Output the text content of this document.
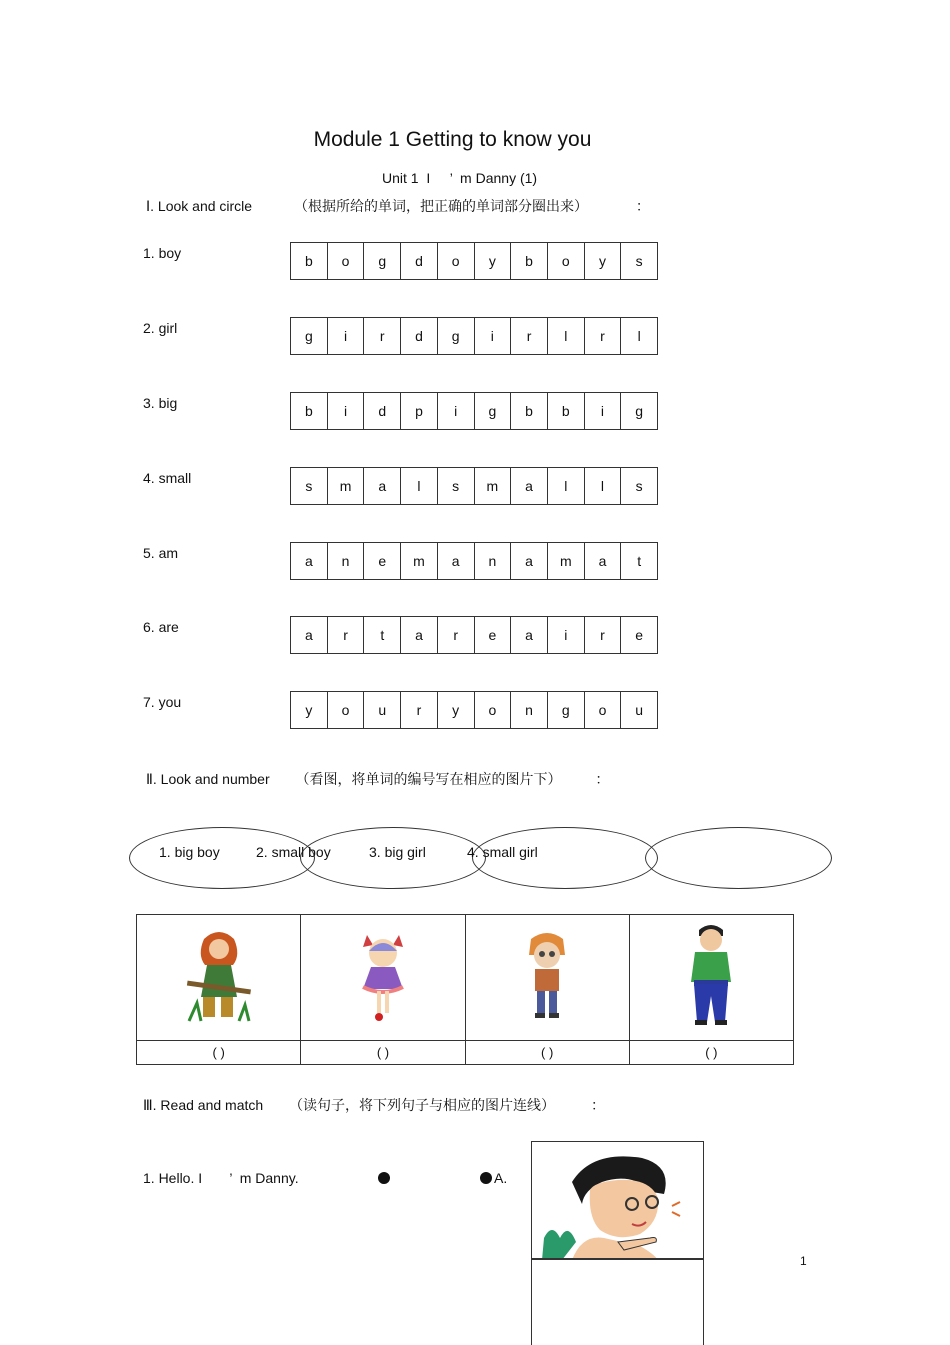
Module 1 Getting to know you
Unit 1  I     ’  m Danny (1)
Ⅰ. Look and circle	（根据所给的单词，把正确的单词部分圈出来）	：
1. boy	b	o	g	d	o	y	b	o	y	s
2. girl	g	i	r	d	g	i	r	l	r	l
3. big	b	i	d	p	i	g	b	b	i	g
4. small	s	m	a	l	s	m	a	l	l	s
5. am	a	n	e	m	a	n	a	m	a	t
6. are	a	r	t	a	r	e	a	i	r	e
7. you	y	o	u	r	y	o	n	g	o	u
Ⅱ. Look and number （看图，将单词的编号写在相应的图片下） ：
1. big boy	2. small boy	3. big girl	4. small girl

( )	( )	( )	( )
Ⅲ. Read and match （读句子，将下列句子与相应的图片连线）	：
1. Hello. I       ’  m Danny.	A.
1
